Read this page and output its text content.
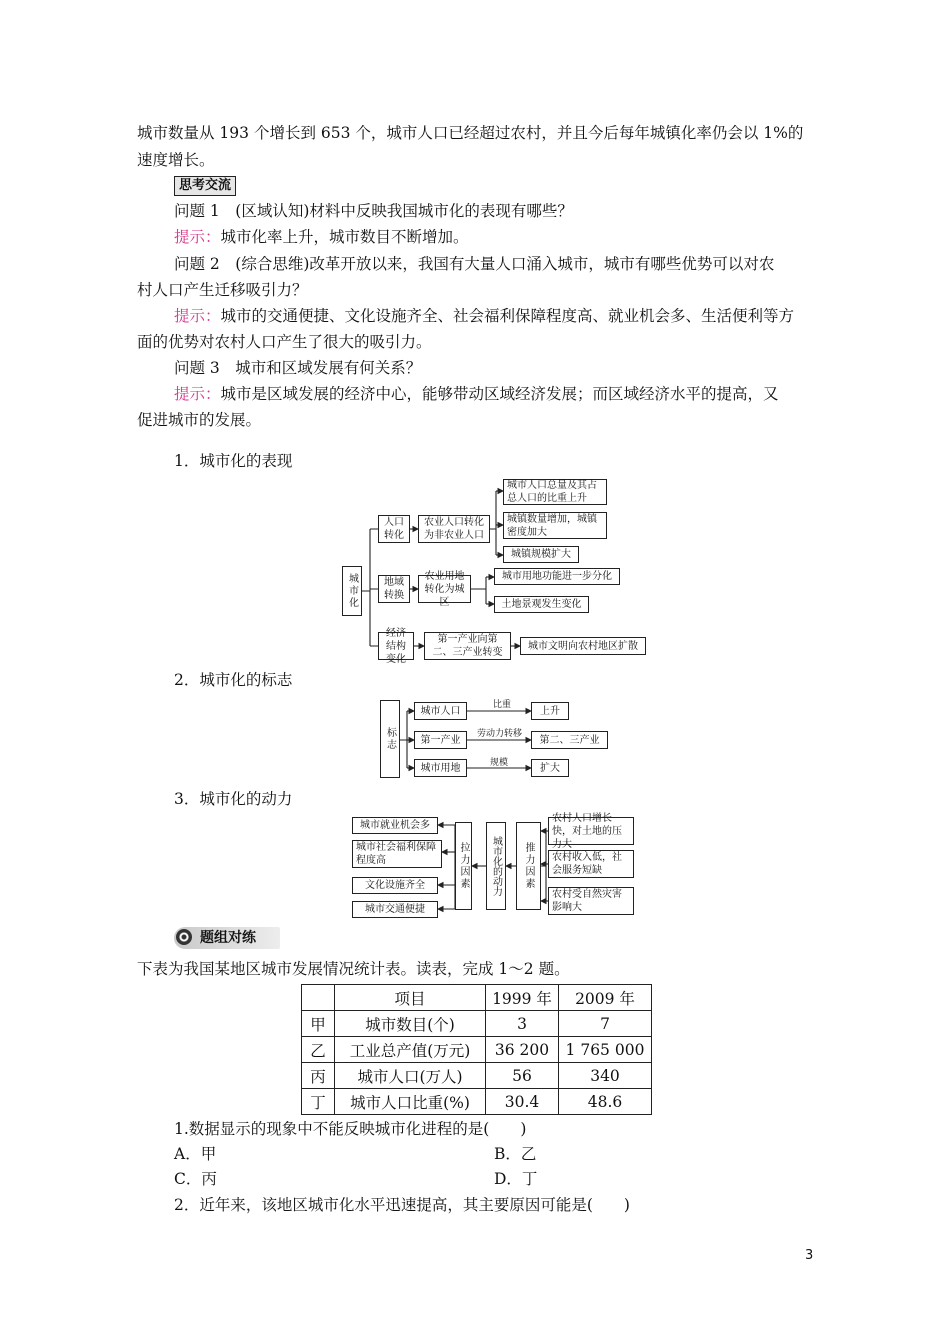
城市数量从 193 个增长到 653 个，城市人口已经超过农村，并且今后每年城镇化率仍会以 1%的
速度增长。
思考交流
问题 1　(区域认知)材料中反映我国城市化的表现有哪些？
提示：城市化率上升，城市数目不断增加。
问题 2　(综合思维)改革开放以来，我国有大量人口涌入城市，城市有哪些优势可以对农
村人口产生迁移吸引力？
提示：城市的交通便捷、文化设施齐全、社会福利保障程度高、就业机会多、生活便利等方
面的优势对农村人口产生了很大的吸引力。
问题 3　城市和区域发展有何关系？
提示：城市是区域发展的经济中心，能够带动区域经济发展；而区域经济水平的提高，又
促进城市的发展。
1．城市化的表现
城市化
人口转化
农业人口转化为非农业人口
城市人口总量及其占总人口的比重上升
城镇数量增加，城镇密度加大
城镇规模扩大
地域转换
农业用地转化为城区
城市用地功能进一步分化
土地景观发生变化
经济结构变化
第一产业向第二、三产业转变
城市文明向农村地区扩散
2．城市化的标志
标志
城市人口
比重
上升
第一产业
劳动力转移
第二、三产业
城市用地	规模	扩大
3．城市化的动力
城市就业机会多
城市社会福利保障程度高
文化设施齐全
城市交通便捷
拉力因素	城市化的动力	推力因素
农村人口增长快，对土地的压力大
农村收入低，社会服务短缺
农村受自然灾害影响大
题组对练
下表为我国某地区城市发展情况统计表。读表，完成 1～2 题。
	项目	1999 年	2009 年
甲	城市数目(个)	3	7
乙	工业总产值(万元)	36 200	1 765 000
丙	城市人口(万人)	56	340
丁	城市人口比重(%)	30.4	48.6
1.数据显示的现象中不能反映城市化进程的是(　　)
A．甲	B．乙
C．丙	D．丁
2．近年来，该地区城市化水平迅速提高，其主要原因可能是(　　)
3
